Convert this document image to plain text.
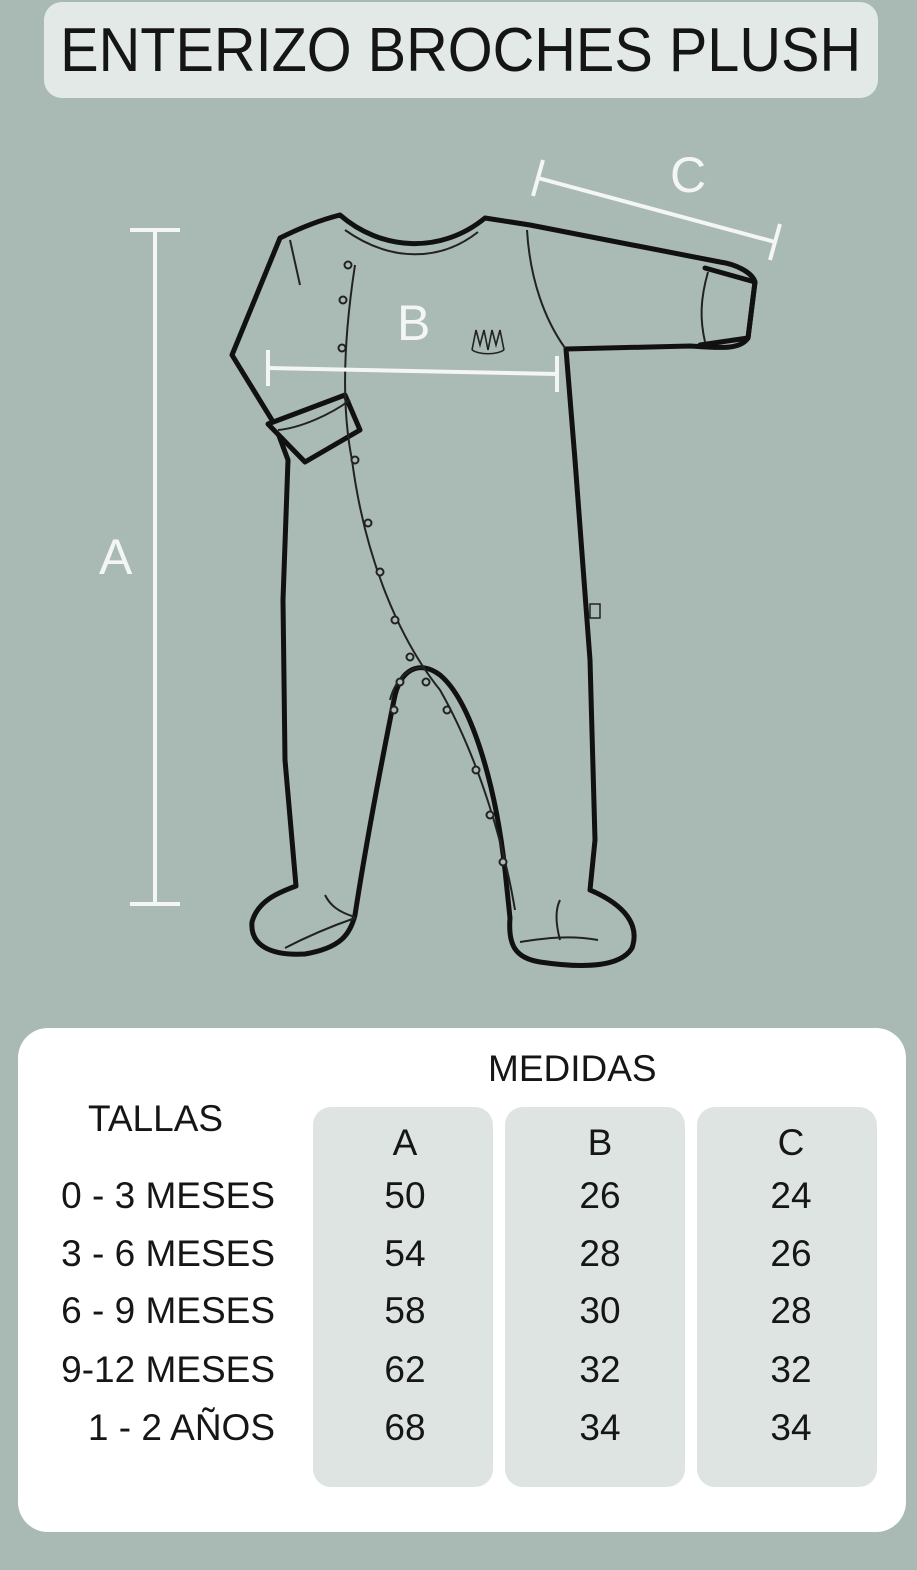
ENTERIZO BROCHES PLUSH
A
B
C
MEDIDAS
TALLAS
A	B	C
0 - 3 MESES	50	26	24
3 - 6 MESES	54	28	26
6 - 9 MESES	58	30	28
9-12 MESES	62	32	32
1 - 2 AÑOS	68	34	34
